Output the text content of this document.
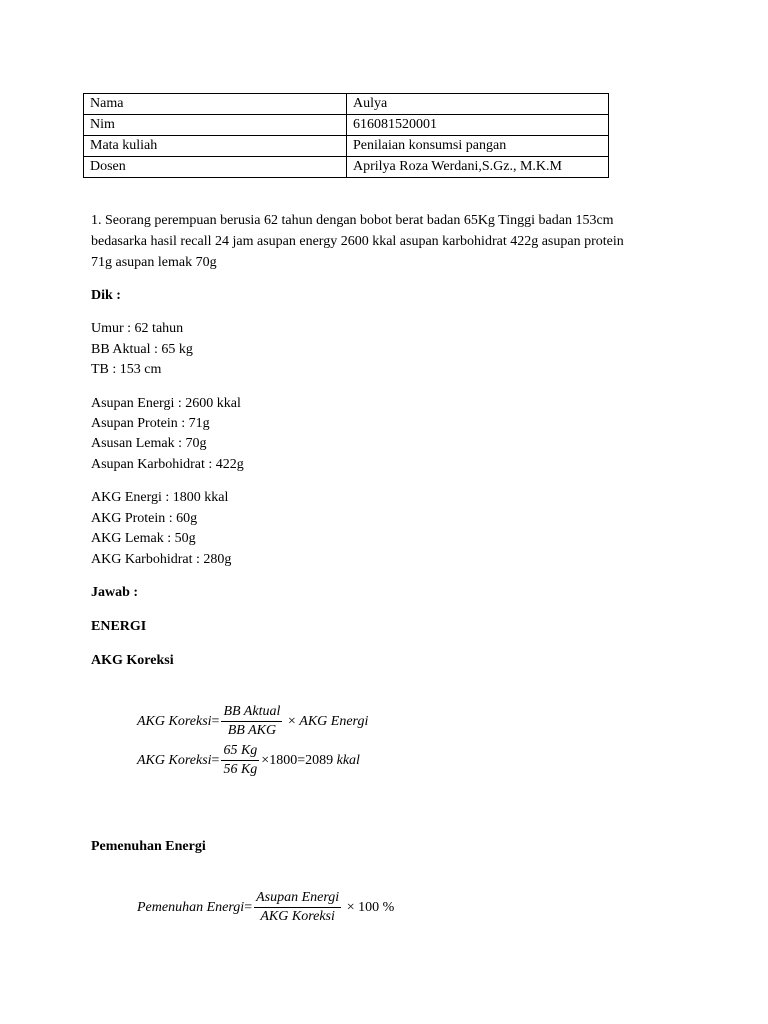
Nama	Aulya
Nim	616081520001
Mata kuliah	Penilaian konsumsi pangan
Dosen	Aprilya Roza Werdani,S.Gz., M.K.M
1. Seorang perempuan berusia 62 tahun dengan bobot berat badan 65Kg Tinggi badan 153cm
bedasarka hasil recall 24 jam asupan energy 2600 kkal asupan karbohidrat 422g asupan protein
71g asupan lemak 70g
Dik :
Umur : 62 tahun
BB Aktual : 65 kg
TB : 153 cm
Asupan Energi : 2600 kkal
Asupan Protein : 71g
Asusan Lemak : 70g
Asupan Karbohidrat : 422g
AKG Energi : 1800 kkal
AKG Protein : 60g
AKG Lemak : 50g
AKG Karbohidrat : 280g
Jawab :
ENERGI
AKG Koreksi
AKG Koreksi = $\frac{\text{BB Aktual}}{\text{BB AKG}}$ × AKG Energi
AKG Koreksi = $\frac{65 Kg}{56 Kg} \times 1800 = 2089$
kkal
Pemenuhan Energi
Pemenuhan Energi = $\frac{\text{Asupan Energi}}{\text{AKG Koreksi}} \times 100$ %
